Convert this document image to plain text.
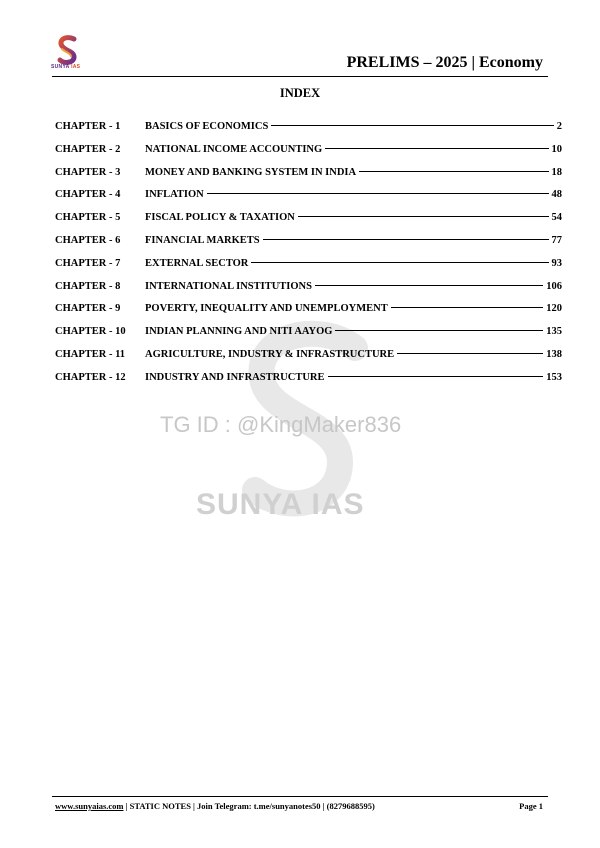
SUNYA IAS	PRELIMS – 2025 | Economy
TG ID : @KingMaker836
SUNYA IAS
INDEX
CHAPTER - 1	BASICS OF ECONOMICS	2
CHAPTER - 2	NATIONAL INCOME ACCOUNTING	10
CHAPTER - 3	MONEY AND BANKING SYSTEM IN INDIA	18
CHAPTER - 4	INFLATION	48
CHAPTER - 5	FISCAL POLICY & TAXATION	54
CHAPTER - 6	FINANCIAL MARKETS	77
CHAPTER - 7	EXTERNAL SECTOR	93
CHAPTER - 8	INTERNATIONAL INSTITUTIONS	106
CHAPTER - 9	POVERTY, INEQUALITY AND UNEMPLOYMENT	120
CHAPTER - 10	INDIAN PLANNING AND NITI AAYOG	135
CHAPTER - 11	AGRICULTURE, INDUSTRY & INFRASTRUCTURE	138
CHAPTER - 12	INDUSTRY AND INFRASTRUCTURE	153
www.sunyaias.com | STATIC NOTES | Join Telegram: t.me/sunyanotes50 | (8279688595)	Page 1
